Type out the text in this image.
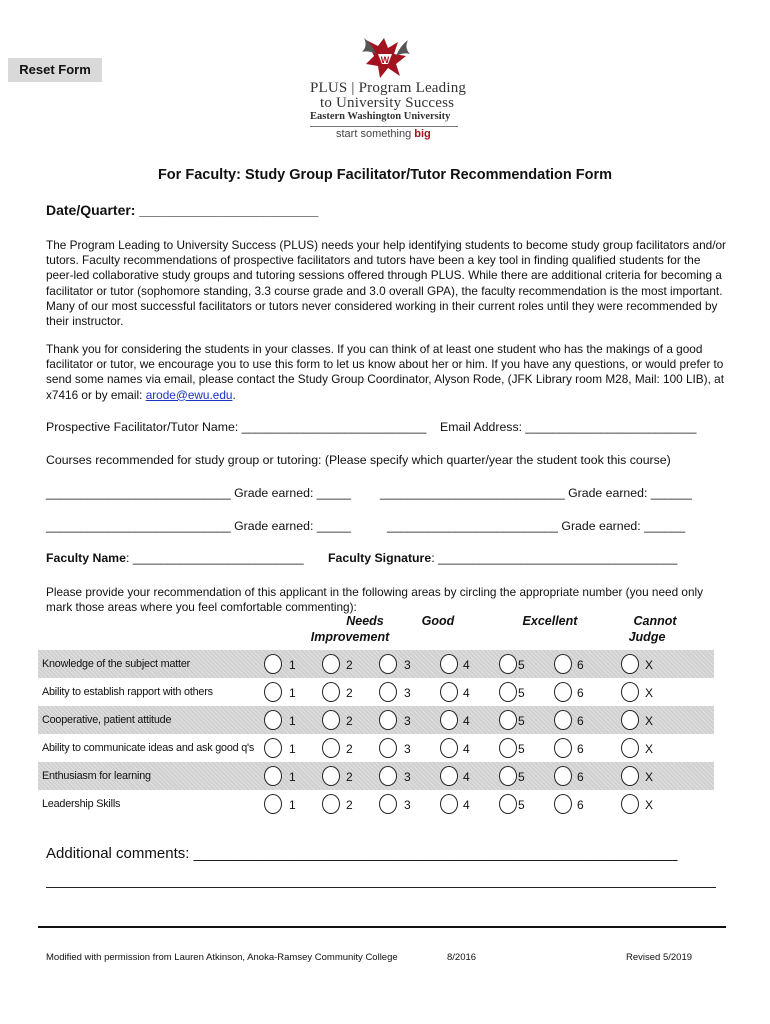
Reset Form
W
PLUS | Program Leading
to University Success
Eastern Washington University
start something big
For Faculty: Study Group Facilitator/Tutor Recommendation Form
Date/Quarter: _______________________
The Program Leading to University Success (PLUS) needs your help identifying students to become study group facilitators and/or tutors. Faculty recommendations of prospective facilitators and tutors have been a key tool in finding qualified students for the peer-led collaborative study groups and tutoring sessions offered through PLUS. While there are additional criteria for becoming a facilitator or tutor (sophomore standing, 3.3 course grade and 3.0 overall GPA), the faculty recommendation is the most important. Many of our most successful facilitators or tutors never considered working in their current roles until they were recommended by their instructor.
Thank you for considering the students in your classes. If you can think of at least one student who has the makings of a good facilitator or tutor, we encourage you to use this form to let us know about her or him. If you have any questions, or would prefer to send some names via email, please contact the Study Group Coordinator, Alyson Rode, (JFK Library room M28, Mail: 100 LIB), at x7416 or by email: arode@ewu.edu.
Prospective Facilitator/Tutor Name: ___________________________ Email Address: _________________________
Courses recommended for study group or tutoring: (Please specify which quarter/year the student took this course)
___________________________ Grade earned: _____ ___________________________ Grade earned: ______
___________________________ Grade earned: _____	_________________________ Grade earned: ______
Faculty Name: _________________________ Faculty Signature: ___________________________________
Please provide your recommendation of this applicant in the following areas by circling the appropriate number (you need only mark those areas where you feel comfortable commenting):
Needs
Improvement
Good	Excellent	Cannot
Judge
Knowledge of the subject matter	1	2	3	4	5	6	X
Ability to establish rapport with others	1	2	3	4	5	6	X
Cooperative, patient attitude	1	2	3	4	5	6	X
Ability to communicate ideas and ask good q's	1	2	3	4	5	6	X
Enthusiasm for learning	1	2	3	4	5	6	X
Leadership Skills	1	2	3	4	5	6	X
Additional comments: __________________________________________________________
Modified with permission from Lauren Atkinson, Anoka-Ramsey Community College	8/2016	Revised 5/2019
